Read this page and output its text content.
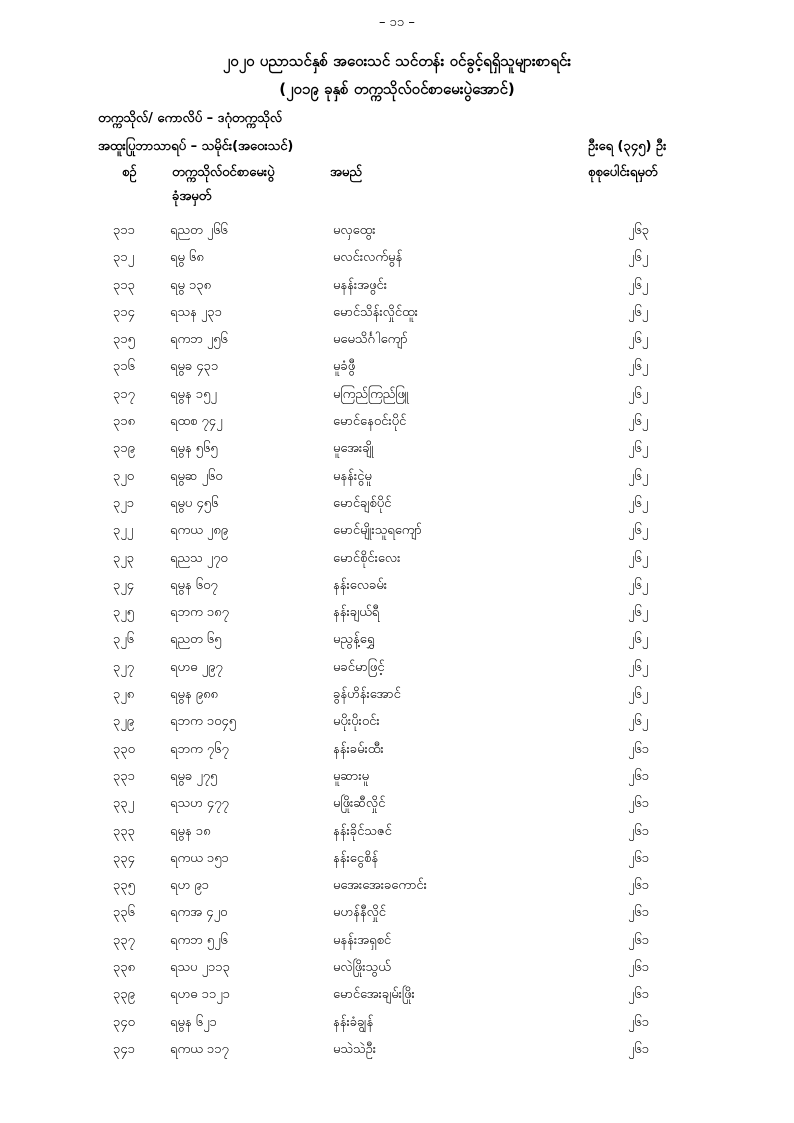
– ၁၁ –
၂၀၂၀ ပညာသင်နှစ် အဝေးသင် သင်တန်း ဝင်ခွင့်ရရှိသူများစာရင်း
(၂၀၁၉ ခုနှစ် တက္ကသိုလ်ဝင်စာမေးပွဲအောင်)
တက္ကသိုလ်/ ကောလိပ် – ဒဂုံတက္ကသိုလ်
အထူးပြုဘာသာရပ် – သမိုင်း(အဝေးသင်)	ဦးရေ (၃၄၅) ဦး
စဉ်	တက္ကသိုလ်ဝင်စာမေးပွဲ
ခုံအမှတ်
အမည်	စုစုပေါင်းရမှတ်
၃၁၁	ရညတ ၂၆၆	မလှထွေး	၂၆၃
၃၁၂	ရမွ ၆၈	မလင်းလက်မွန်	၂၆၂
၃၁၃	ရမွ ၁၃၈	မနန်းအဖွင်း	၂၆၂
၃၁၄	ရသန ၂၃၁	မောင်သိန်းလှိုင်ထူး	၂၆၂
၃၁၅	ရကဘ ၂၅၆	မမေသိင်္ဂါကျော်	၂၆၂
၃၁၆	ရမွခ ၄၃၁	မူခံဖွီ	၂၆၂
၃၁၇	ရမွန ၁၅၂	မကြည်ကြည်ဖြူ	၂၆၂
၃၁၈	ရထစ ၇၄၂	မောင်နေဝင်းပိုင်	၂၆၂
၃၁၉	ရမွန ၅၆၅	မူအေးချို	၂၆၂
၃၂၀	ရမွဆ ၂၆၀	မနန်းငွဲမူ	၂၆၂
၃၂၁	ရမွပ ၄၅၆	မောင်ချစ်ပိုင်	၂၆၂
၃၂၂	ရကယ ၂၈၉	မောင်မျိုးသူရကျော်	၂၆၂
၃၂၃	ရညသ ၂၇၀	မောင်စိုင်းလေး	၂၆၂
၃၂၄	ရမွန ၆၀၇	နန်းလေခမ်း	၂၆၂
၃၂၅	ရဘက ၁၈၇	နန်းချယ်ရီ	၂၆၂
၃၂၆	ရညတ ၆၅	မညွန့်ရွှေ	၂၆၂
၃၂၇	ရဟဓ ၂၉၇	မခင်မာဖြင့်	၂၆၂
၃၂၈	ရမွန ၉၈၈	ခွန်ဟိန်းအောင်	၂၆၂
၃၂၉	ရဘက ၁၀၄၅	မပိုးပိုးဝင်း	၂၆၂
၃၃၀	ရဘက ၇၆၇	နန်းခမ်းထီး	၂၆၁
၃၃၁	ရမွခ ၂၇၅	မူဆားမူ	၂၆၁
၃၃၂	ရသဟ ၄၇၇	မဖြိုးဆီလှိုင်	၂၆၁
၃၃၃	ရမွန ၁၈	နန်းခိုင်သဇင်	၂၆၁
၃၃၄	ရကယ ၁၅၁	နန်းငွေစိန်	၂၆၁
၃၃၅	ရဟ ၉၁	မအေးအေးခကောင်း	၂၆၁
၃၃၆	ရကအ ၄၂၀	မဟန်နီလှိုင်	၂၆၁
၃၃၇	ရကဘ ၅၂၆	မနန်းအရှစင်	၂၆၁
၃၃၈	ရသပ ၂၁၁၃	မလဲဖြိုးသွယ်	၂၆၁
၃၃၉	ရဟဓ ၁၁၂၁	မောင်အေးချမ်းဖြိုး	၂၆၁
၃၄၀	ရမွန ၆၂၁	နန်းခံချွန်	၂၆၁
၃၄၁	ရကယ ၁၁၇	မသဲသဲဦး	၂၆၁
